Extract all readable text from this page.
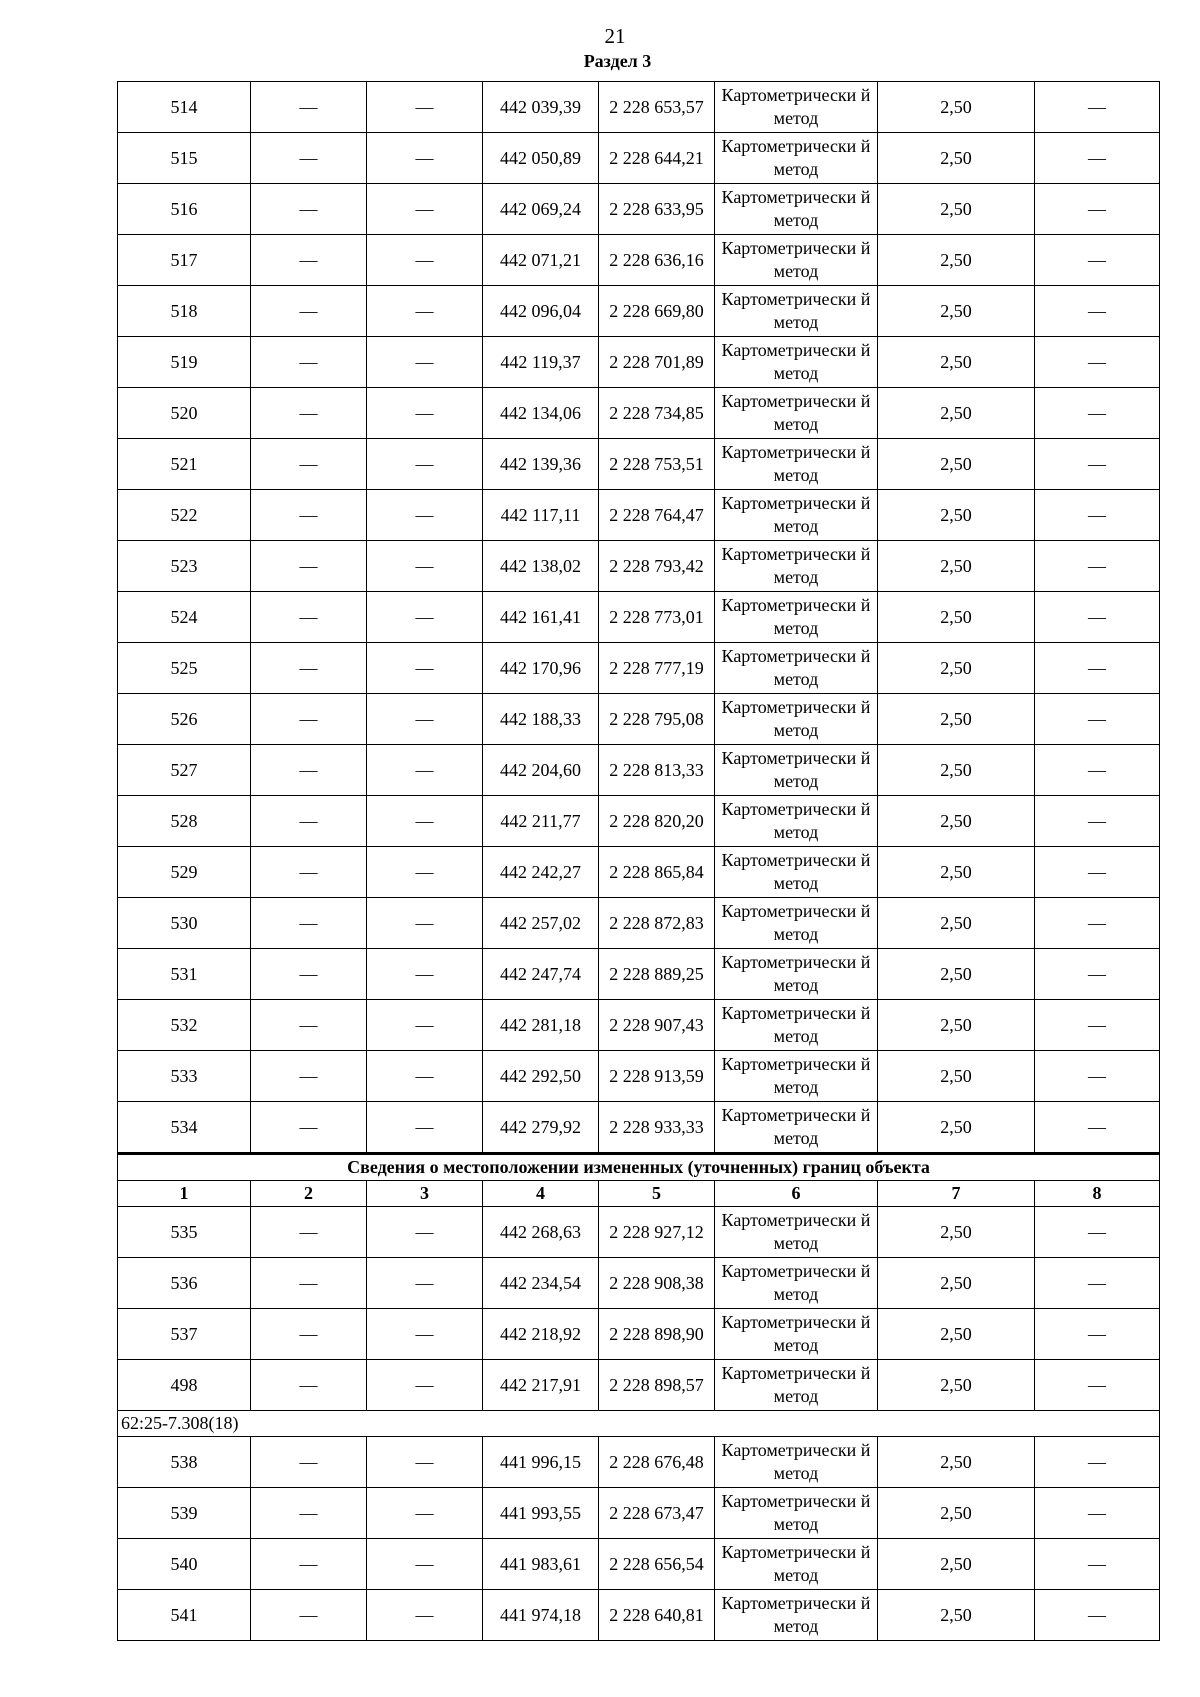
21
Раздел 3
514	—	—	442 039,39	2 228 653,57	Картометрически й метод	2,50	—
515	—	—	442 050,89	2 228 644,21	Картометрически й метод	2,50	—
516	—	—	442 069,24	2 228 633,95	Картометрически й метод	2,50	—
517	—	—	442 071,21	2 228 636,16	Картометрически й метод	2,50	—
518	—	—	442 096,04	2 228 669,80	Картометрически й метод	2,50	—
519	—	—	442 119,37	2 228 701,89	Картометрически й метод	2,50	—
520	—	—	442 134,06	2 228 734,85	Картометрически й метод	2,50	—
521	—	—	442 139,36	2 228 753,51	Картометрически й метод	2,50	—
522	—	—	442 117,11	2 228 764,47	Картометрически й метод	2,50	—
523	—	—	442 138,02	2 228 793,42	Картометрически й метод	2,50	—
524	—	—	442 161,41	2 228 773,01	Картометрически й метод	2,50	—
525	—	—	442 170,96	2 228 777,19	Картометрически й метод	2,50	—
526	—	—	442 188,33	2 228 795,08	Картометрически й метод	2,50	—
527	—	—	442 204,60	2 228 813,33	Картометрически й метод	2,50	—
528	—	—	442 211,77	2 228 820,20	Картометрически й метод	2,50	—
529	—	—	442 242,27	2 228 865,84	Картометрически й метод	2,50	—
530	—	—	442 257,02	2 228 872,83	Картометрически й метод	2,50	—
531	—	—	442 247,74	2 228 889,25	Картометрически й метод	2,50	—
532	—	—	442 281,18	2 228 907,43	Картометрически й метод	2,50	—
533	—	—	442 292,50	2 228 913,59	Картометрически й метод	2,50	—
534	—	—	442 279,92	2 228 933,33	Картометрически й метод	2,50	—
Сведения о местоположении измененных (уточненных) границ объекта							
1	2	3	4	5	6	7	8
535	—	—	442 268,63	2 228 927,12	Картометрически й метод	2,50	—
536	—	—	442 234,54	2 228 908,38	Картометрически й метод	2,50	—
537	—	—	442 218,92	2 228 898,90	Картометрически й метод	2,50	—
498	—	—	442 217,91	2 228 898,57	Картометрически й метод	2,50	—
62:25-7.308(18)							
538	—	—	441 996,15	2 228 676,48	Картометрически й метод	2,50	—
539	—	—	441 993,55	2 228 673,47	Картометрически й метод	2,50	—
540	—	—	441 983,61	2 228 656,54	Картометрически й метод	2,50	—
541	—	—	441 974,18	2 228 640,81	Картометрически й метод	2,50	—
